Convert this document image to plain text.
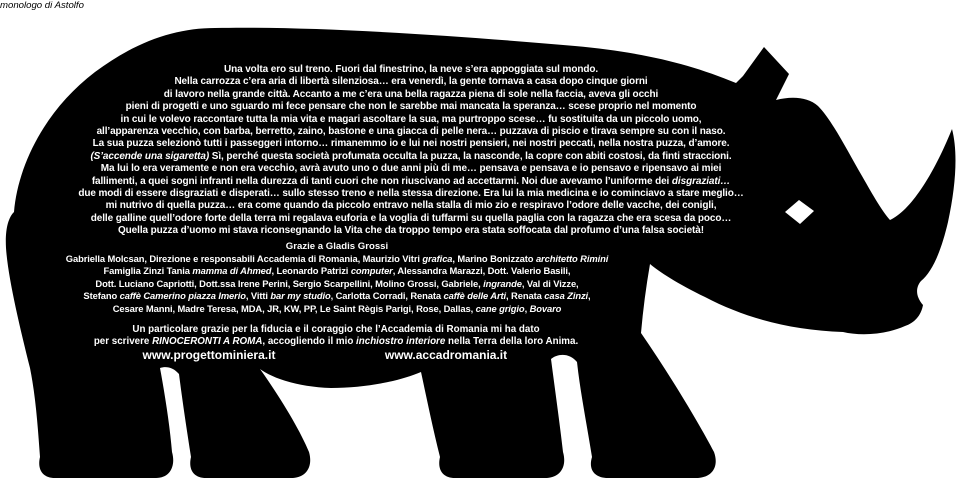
Una volta ero sul treno. Fuori dal finestrino, la neve s’era appoggiata sul mondo.
Nella carrozza c’era aria di libertà silenziosa… era venerdì, la gente tornava a casa dopo cinque giorni
di lavoro nella grande città. Accanto a me c’era una bella ragazza piena di sole nella faccia, aveva gli occhi
pieni di progetti e uno sguardo mi fece pensare che non le sarebbe mai mancata la speranza… scese proprio nel momento
in cui le volevo raccontare tutta la mia vita e magari ascoltare la sua, ma purtroppo scese… fu sostituita da un piccolo uomo,
all’apparenza vecchio, con barba, berretto, zaino, bastone e una giacca di pelle nera… puzzava di piscio e tirava sempre su con il naso.
La sua puzza selezionò tutti i passeggeri intorno… rimanemmo io e lui nei nostri pensieri, nei nostri peccati, nella nostra puzza, d’amore.
(S’accende una sigaretta) Sì, perché questa società profumata occulta la puzza, la nasconde, la copre con abiti costosi, da finti straccioni.
Ma lui lo era veramente e non era vecchio, avrà avuto uno o due anni più di me… pensava e pensava e io pensavo e ripensavo ai miei
fallimenti, a quei sogni infranti nella durezza di tanti cuori che non riuscivano ad accettarmi. Noi due avevamo l’uniforme dei disgraziati…
due modi di essere disgraziati e disperati… sullo stesso treno e nella stessa direzione. Era lui la mia medicina e io cominciavo a stare meglio…
mi nutrivo di quella puzza… era come quando da piccolo entravo nella stalla di mio zio e respiravo l’odore delle vacche, dei conigli,
delle galline quell’odore forte della terra mi regalava euforia e la voglia di tuffarmi su quella paglia con la ragazza che era scesa da poco…
Quella puzza d’uomo mi stava riconsegnando la Vita che da troppo tempo era stata soffocata dal profumo d’una falsa società!
monologo di Astolfo
Grazie a Gladis Grossi
Gabriella Molcsan, Direzione e responsabili Accademia di Romania, Maurizio Vitri grafica, Marino Bonizzato architetto Rimini
Famiglia Zinzi Tania mamma di Ahmed, Leonardo Patrizi computer, Alessandra Marazzi, Dott. Valerio Basili,
Dott. Luciano Capriotti, Dott.ssa Irene Perini, Sergio Scarpellini, Molino Grossi, Gabriele, ingrande, Val di Vizze,
Stefano caffè Camerino piazza Imerio, Vitti bar my studio, Carlotta Corradi, Renata caffè delle Arti, Renata casa Zinzi,
Cesare Manni, Madre Teresa, MDA, JR, KW, PP, Le Saint Règis Parigi, Rose, Dallas, cane grigio, Bovaro
Un particolare grazie per la fiducia e il coraggio che l’Accademia di Romania mi ha dato
per scrivere RINOCERONTI A ROMA, accogliendo il mio inchiostro interiore nella Terra della loro Anima.
www.progettominiera.it	www.accadromania.it
